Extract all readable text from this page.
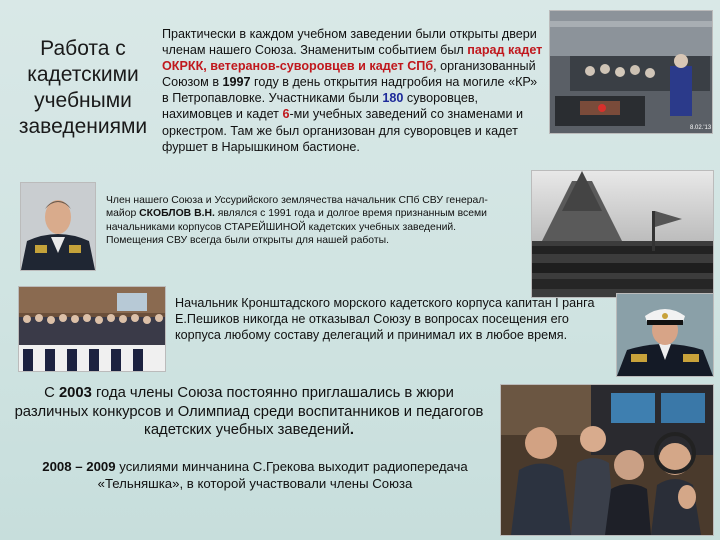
Работа с кадетскими учебными заведениями
Практически в каждом учебном заведении были открыты двери членам нашего Союза. Знаменитым событием был парад кадет ОКРКК, ветеранов-суворовцев и кадет СПб, организованный Союзом в 1997 году в день открытия надгробия на могиле «КР» в Петропавловке. Участниками были 180 суворовцев, нахимовцев и кадет 6-ми учебных заведений со знаменами и оркестром. Там же был организован для суворовцев и кадет фуршет в Нарышкином бастионе.
8.02.'13
Член нашего Союза и Уссурийского землячества начальник СПб СВУ генерал-майор СКОБЛОВ В.Н. являлся с 1991 года и долгое время признанным всеми начальниками корпусов СТАРЕЙШИНОЙ кадетских учебных заведений. Помещения СВУ всегда были открыты для нашей работы.
Начальник Кронштадского морского кадетского корпуса капитан I ранга Е.Пешиков никогда не отказывал Союзу в вопросах посещения его корпуса любому составу делегаций и принимал их в любое время.
С 2003 года члены Союза постоянно приглашались в жюри различных конкурсов и Олимпиад среди воспитанников и педагогов кадетских учебных заведений.
2008 – 2009 усилиями минчанина С.Грекова выходит радиопередача «Тельняшка», в которой участвовали члены Союза
